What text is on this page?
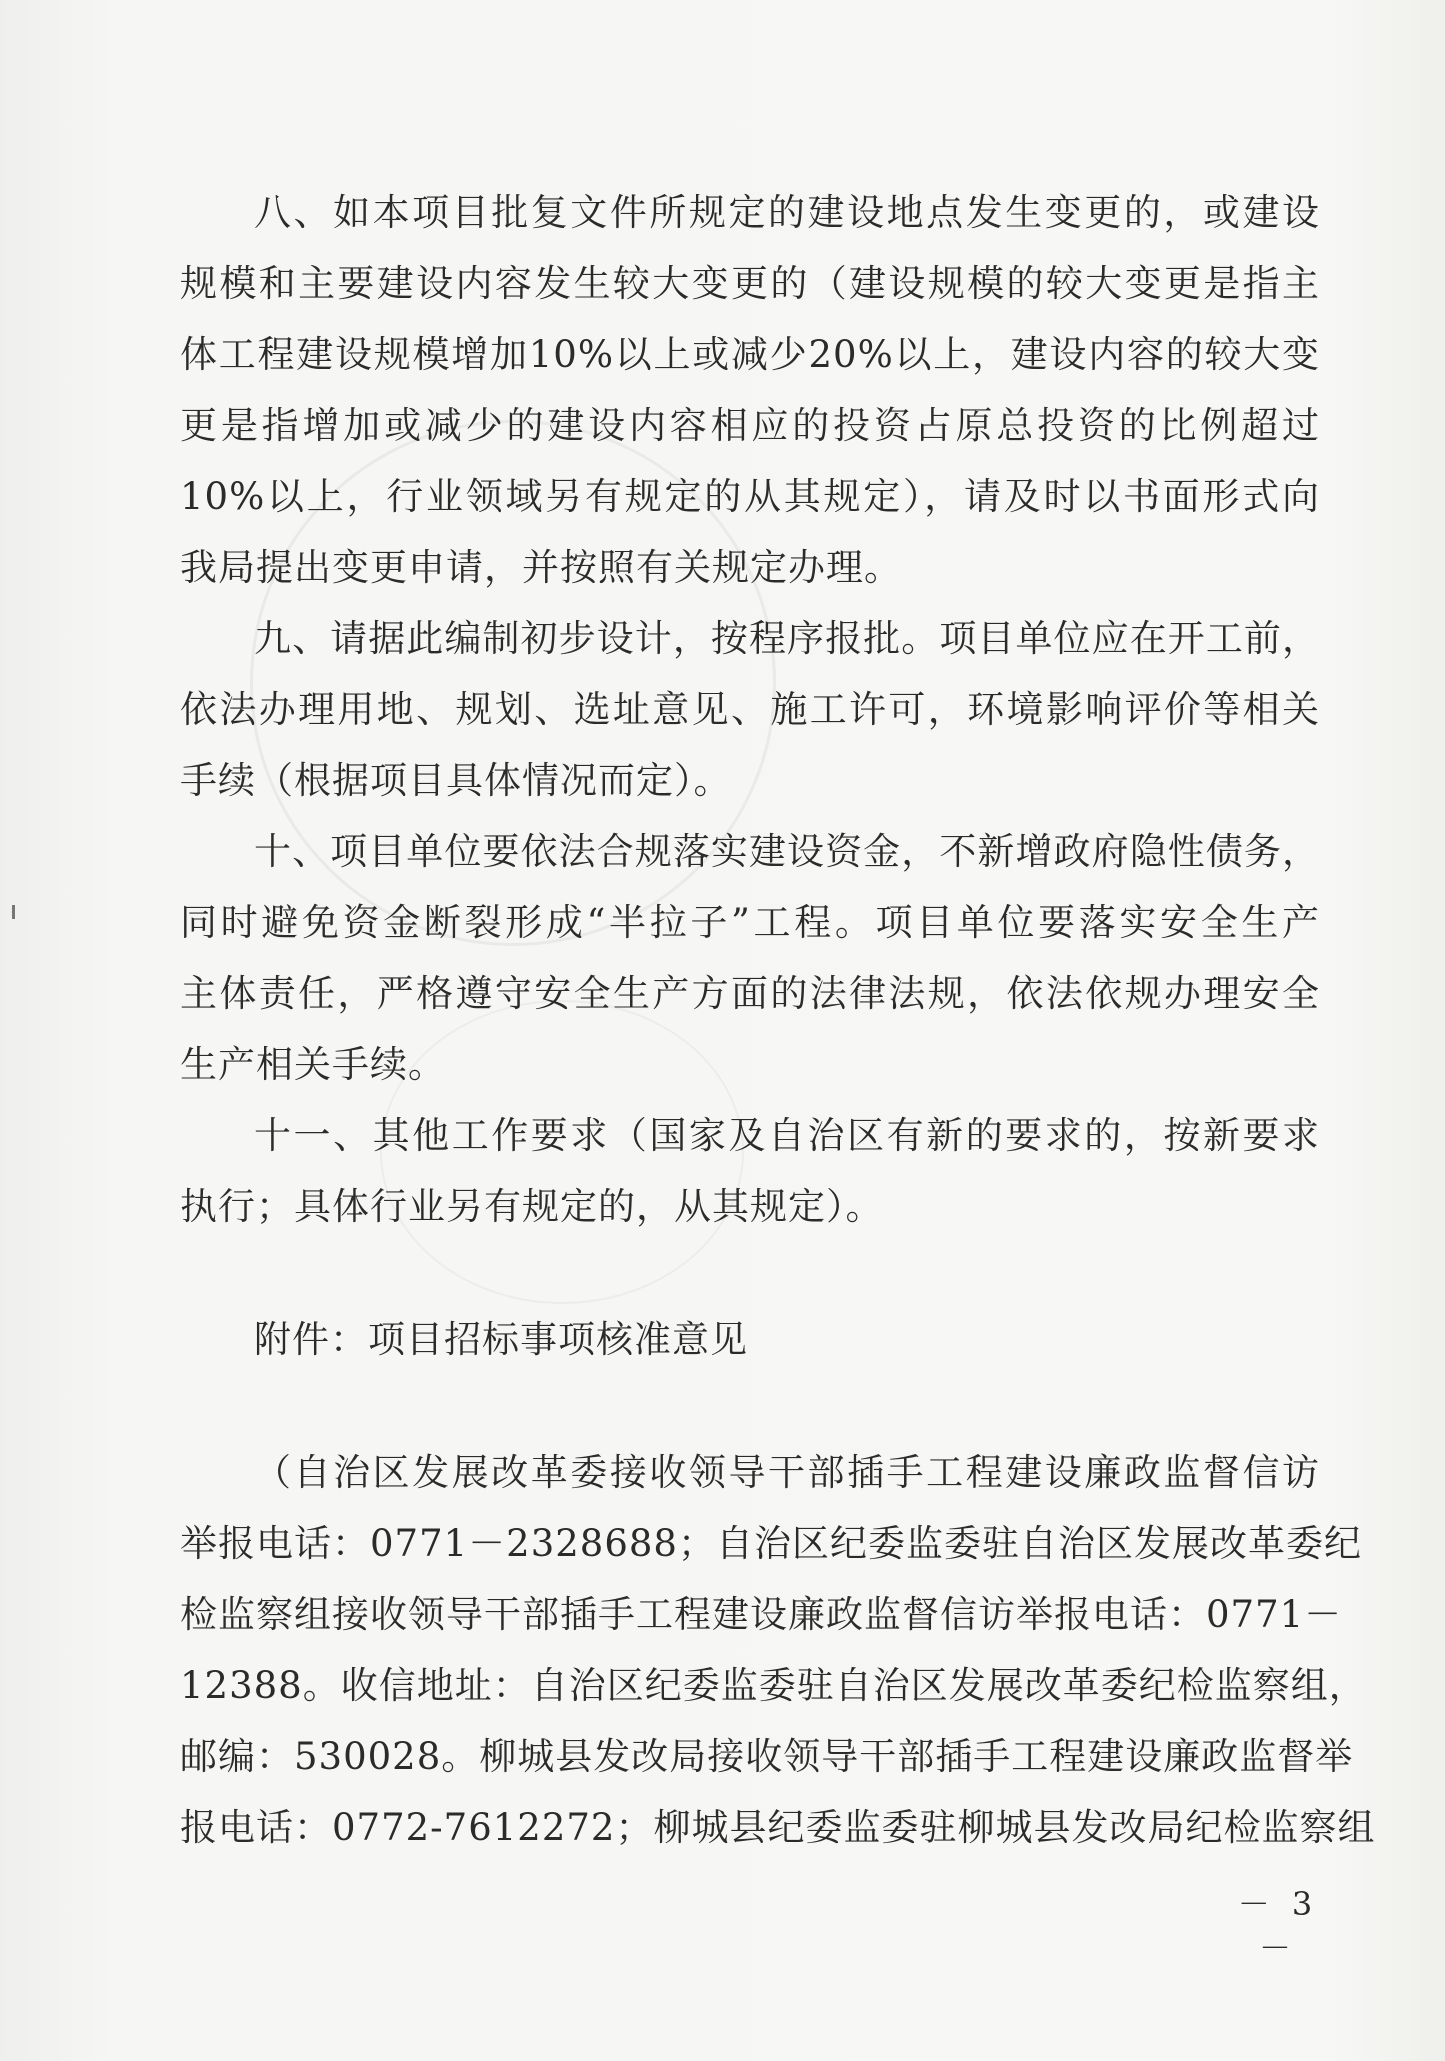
八、如本项目批复文件所规定的建设地点发生变更的，或建设
规模和主要建设内容发生较大变更的（建设规模的较大变更是指主
体工程建设规模增加10%以上或减少20%以上，建设内容的较大变
更是指增加或减少的建设内容相应的投资占原总投资的比例超过
10%以上，行业领域另有规定的从其规定），请及时以书面形式向
我局提出变更申请，并按照有关规定办理。
九、请据此编制初步设计，按程序报批。项目单位应在开工前，
依法办理用地、规划、选址意见、施工许可，环境影响评价等相关
手续（根据项目具体情况而定）。
十、项目单位要依法合规落实建设资金，不新增政府隐性债务，
同时避免资金断裂形成“半拉子”工程。项目单位要落实安全生产
主体责任，严格遵守安全生产方面的法律法规，依法依规办理安全
生产相关手续。
十一、其他工作要求（国家及自治区有新的要求的，按新要求
执行；具体行业另有规定的，从其规定）。
附件：项目招标事项核准意见
（自治区发展改革委接收领导干部插手工程建设廉政监督信访
举报电话：0771－2328688；自治区纪委监委驻自治区发展改革委纪
检监察组接收领导干部插手工程建设廉政监督信访举报电话：0771－
12388。收信地址：自治区纪委监委驻自治区发展改革委纪检监察组，
邮编：530028。柳城县发改局接收领导干部插手工程建设廉政监督举
报电话：0772-7612272；柳城县纪委监委驻柳城县发改局纪检监察组
－ 3 －
